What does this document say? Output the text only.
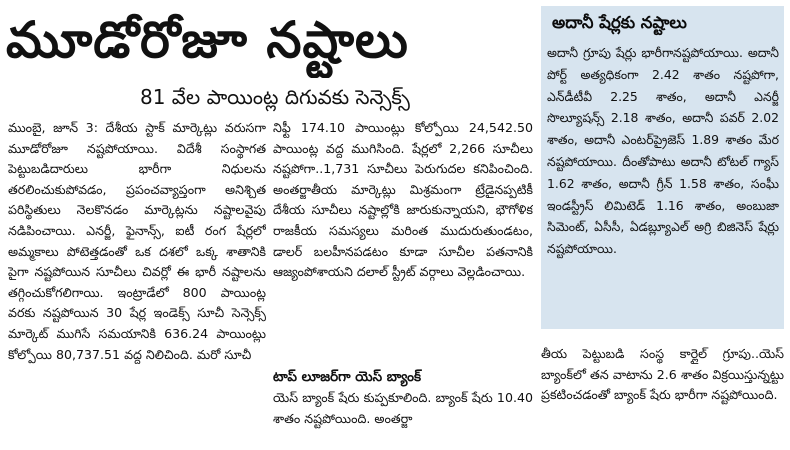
మూడోరోజూ నష్టాలు
81 వేల పాయింట్ల దిగువకు సెన్సెక్స్
ముంబై, జూన్ 3: దేశీయ స్టాక్ మార్కెట్లు వరుసగా మూడోరోజూ నష్టపోయాయి. విదేశీ సంస్థాగత పెట్టుబడిదారులు భారీగా నిధులను తరలించుకుపోవడం, ప్రపంచవ్యాప్తంగా అనిశ్చిత పరిస్థితులు నెలకొనడం మార్కెట్లను నష్టాలవైపు నడిపించాయి. ఎనర్జీ, ఫైనాన్స్, ఐటీ రంగ షేర్లలో అమ్మకాలు పోటెత్తడంతో ఒక దశలో ఒక్క శాతానికి పైగా నష్టపోయిన సూచీలు చివర్లో ఈ భారీ నష్టాలను తగ్గించుకోగలిగాయి. ఇంట్రాడేలో 800 పాయింట్ల వరకు నష్టపోయిన 30 షేర్ల ఇండెక్స్ సూచీ సెన్సెక్స్ మార్కెట్ ముగిసే సమయానికి 636.24 పాయింట్లు కోల్పోయి 80,737.51 వద్ద నిలిచింది. మరో సూచీ
నిఫ్టీ 174.10 పాయింట్లు కోల్పోయి 24,542.50 పాయింట్ల వద్ద ముగిసింది. షేర్లలో 2,266 సూచీలు నష్టపోగా..1,731 సూచీలు పెరుగుదల కనిపించింది. అంతర్జాతీయ మార్కెట్లు మిశ్రమంగా ట్రేడైనప్పటికీ దేశీయ సూచీలు నష్టాల్లోకి జారుకున్నాయని, భౌగోళిక రాజకీయ సమస్యలు మరింత ముదురుతుండటం, డాలర్ బలహీనపడటం కూడా సూచీల పతనానికి ఆజ్యంపోశాయని దలాల్ స్ట్రీట్ వర్గాలు వెల్లడించాయి.
టాప్ లూజర్‌గా యెస్ బ్యాంక్
యెస్ బ్యాంక్ షేరు కుప్పకూలింది. బ్యాంక్ షేరు 10.40 శాతం నష్టపోయింది. అంతర్జా
అదానీ షేర్లకు నష్టాలు
అదానీ గ్రూపు షేర్లు భారీగానష్టపోయాయి. అదానీ పోర్ట్ అత్యధికంగా 2.42 శాతం నష్టపోగా, ఎన్‌డీటీవీ 2.25 శాతం, అదానీ ఎనర్జీ సొల్యూషన్స్ 2.18 శాతం, అదానీ పవర్ 2.02 శాతం, అదానీ ఎంటర్‌ప్రైజెస్ 1.89 శాతం మేర నష్టపోయాయి. దీంతోపాటు అదానీ టోటల్ గ్యాస్ 1.62 శాతం, అదానీ గ్రీన్ 1.58 శాతం, సంఘీ ఇండస్ట్రీస్ లిమిటెడ్ 1.16 శాతం, అంబుజా సిమెంట్, ఏసీసీ, ఏడబ్ల్యూఎల్ అగ్రి బిజినెస్ షేర్లు నష్టపోయాయి.
తీయ పెట్టుబడి సంస్థ కార్లైల్ గ్రూపు..యెస్ బ్యాంక్‌లో తన వాటాను 2.6 శాతం విక్రయిస్తున్నట్టు ప్రకటించడంతో బ్యాంక్ షేరు భారీగా నష్టపోయింది.
